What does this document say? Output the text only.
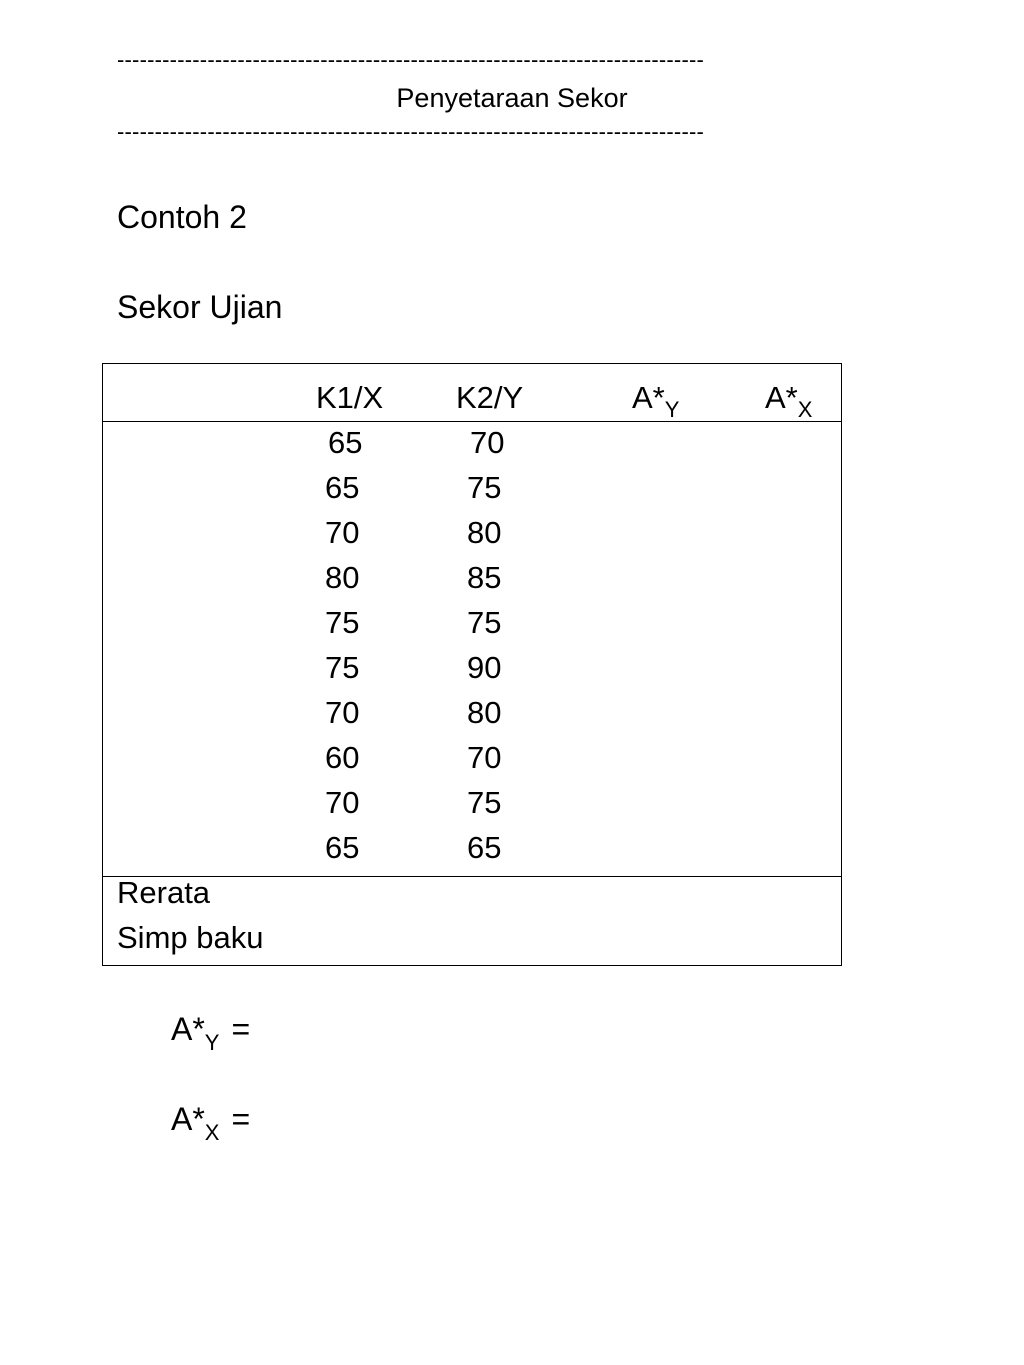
------------------------------------------------------------------------------
Penyetaraan Sekor
------------------------------------------------------------------------------
Contoh 2
Sekor Ujian
K1/X K2/Y	$A*_Y$	$A*_X$
65	70
65	75
70	80
80	85
75	75
75	90
70	80
60	70
70	75
65	65
Rerata
Simp baku
$A*_Y$ =
$A*_X$ =
